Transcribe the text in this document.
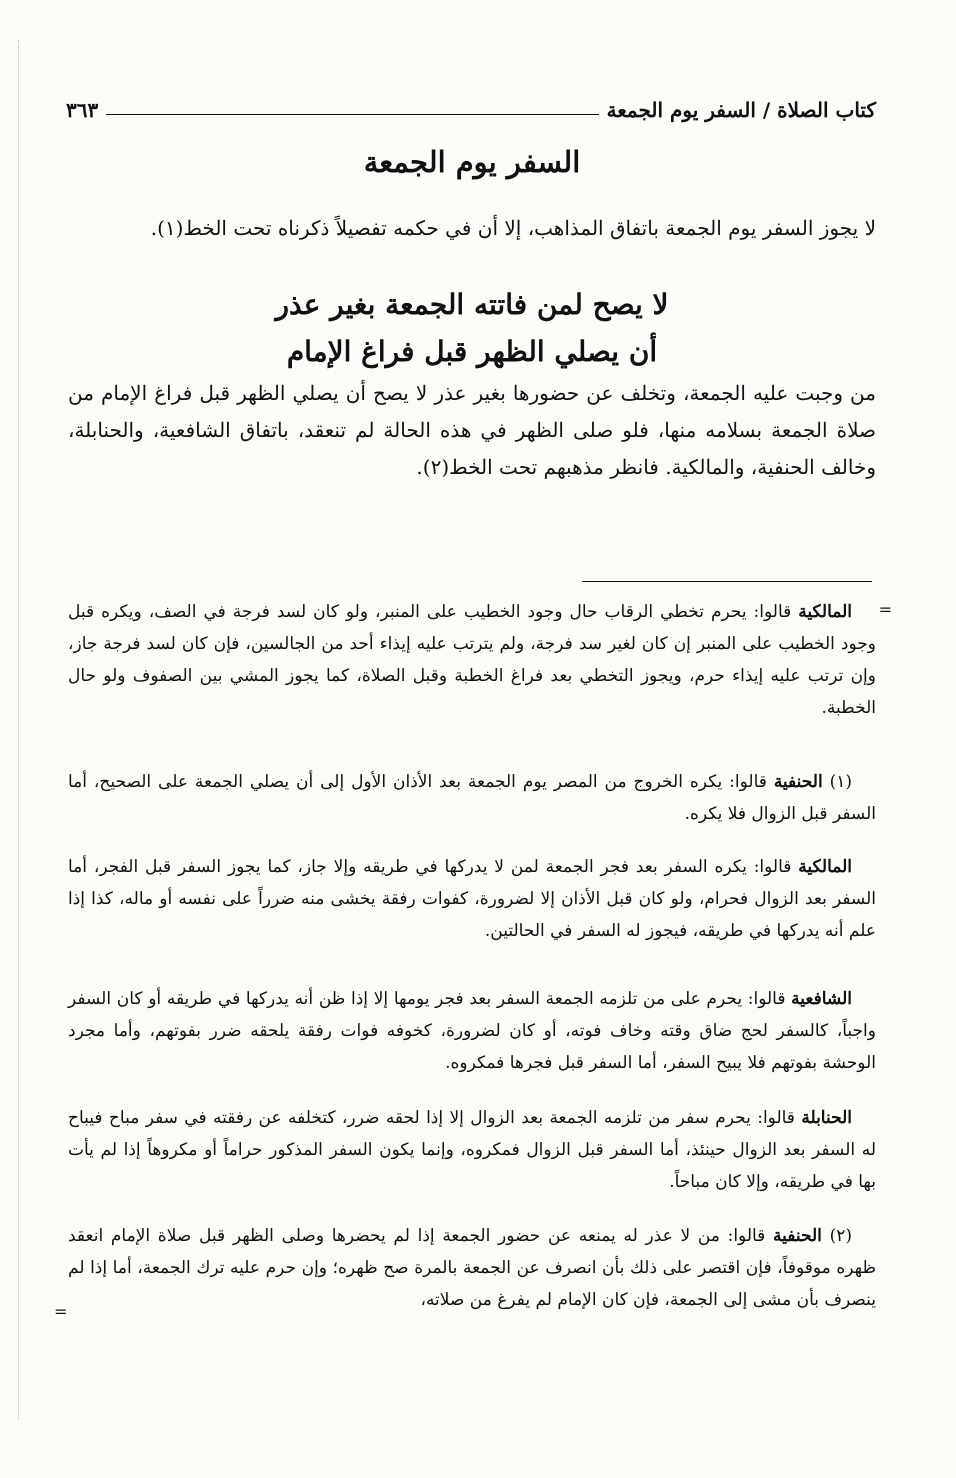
كتاب الصلاة / السفر يوم الجمعة
٣٦٣
السفر يوم الجمعة

لا يجوز السفر يوم الجمعة باتفاق المذاهب، إلا أن في حكمه تفصيلاً ذكرناه تحت الخط(١).

لا يصح لمن فاتته الجمعة بغير عذر
أن يصلي الظهر قبل فراغ الإمام

من وجبت عليه الجمعة، وتخلف عن حضورها بغير عذر لا يصح أن يصلي الظهر قبل فراغ الإمام من صلاة الجمعة بسلامه منها، فلو صلى الظهر في هذه الحالة لم تنعقد، باتفاق الشافعية، والحنابلة، وخالف الحنفية، والمالكية. فانظر مذهبهم تحت الخط(٢).

=
المالكية قالوا: يحرم تخطي الرقاب حال وجود الخطيب على المنبر، ولو كان لسد فرجة في الصف، ويكره قبل وجود الخطيب على المنبر إن كان لغير سد فرجة، ولم يترتب عليه إيذاء أحد من الجالسين، فإن كان لسد فرجة جاز، وإن ترتب عليه إيذاء حرم، ويجوز التخطي بعد فراغ الخطبة وقبل الصلاة، كما يجوز المشي بين الصفوف ولو حال الخطبة.
(١) الحنفية قالوا: يكره الخروج من المصر يوم الجمعة بعد الأذان الأول إلى أن يصلي الجمعة على الصحيح، أما السفر قبل الزوال فلا يكره.
المالكية قالوا: يكره السفر بعد فجر الجمعة لمن لا يدركها في طريقه وإلا جاز، كما يجوز السفر قبل الفجر، أما السفر بعد الزوال فحرام، ولو كان قبل الأذان إلا لضرورة، كفوات رفقة يخشى منه ضرراً على نفسه أو ماله، كذا إذا علم أنه يدركها في طريقه، فيجوز له السفر في الحالتين.
الشافعية قالوا: يحرم على من تلزمه الجمعة السفر بعد فجر يومها إلا إذا ظن أنه يدركها في طريقه أو كان السفر واجباً، كالسفر لحج ضاق وقته وخاف فوته، أو كان لضرورة، كخوفه فوات رفقة يلحقه ضرر بفوتهم، وأما مجرد الوحشة بفوتهم فلا يبيح السفر، أما السفر قبل فجرها فمكروه.
الحنابلة قالوا: يحرم سفر من تلزمه الجمعة بعد الزوال إلا إذا لحقه ضرر، كتخلفه عن رفقته في سفر مباح فيباح له السفر بعد الزوال حينئذ، أما السفر قبل الزوال فمكروه، وإنما يكون السفر المذكور حراماً أو مكروهاً إذا لم يأت بها في طريقه، وإلا كان مباحاً.
(٢) الحنفية قالوا: من لا عذر له يمنعه عن حضور الجمعة إذا لم يحضرها وصلى الظهر قبل صلاة الإمام انعقد ظهره موقوفاً، فإن اقتصر على ذلك بأن انصرف عن الجمعة بالمرة صح ظهره؛ وإن حرم عليه ترك الجمعة، أما إذا لم ينصرف بأن مشى إلى الجمعة، فإن كان الإمام لم يفرغ من صلاته،
=
